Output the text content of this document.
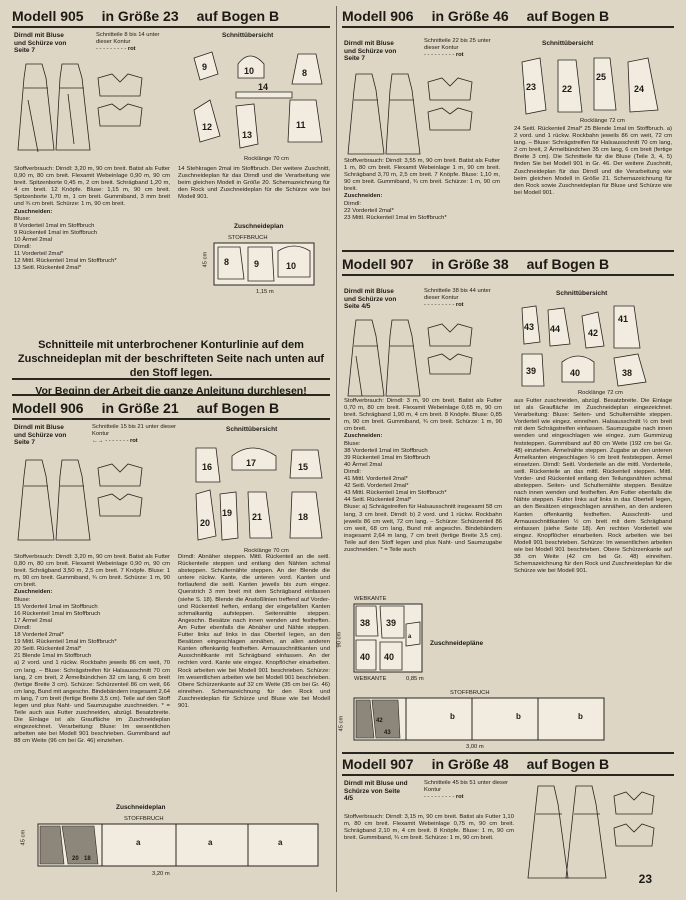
Modell 905 in Größe 23 auf Bogen B
Dirndl mit Bluse und Schürze von Seite 7
Schnitteile 8 bis 14 unter dieser Kontur
- - - - - - - - - rot
Schnittübersicht
9	10	8
14
12
13
11
Rocklänge 70 cm
Stoffverbrauch: Dirndl: 3,20 m, 90 cm breit. Batist als Futter 0,90 m, 80 cm breit. Flexamit Webeinlage 0,90 m, 90 cm breit. Spitzenborte 0,45 m, 2 cm breit. Schrägband 1,20 m, 4 cm breit. 12 Knöpfe. Bluse: 1,15 m, 90 cm breit. Spitzenborte 1,70 m, 1 cm breit. Gummiband, 3 mm breit und ¾ cm breit. Schürze: 1 m, 90 cm breit.
Zuschneiden:
Bluse:
8 Vorderteil 1mal im Stoffbruch
9 Rückenteil 1mal im Stoffbruch
10 Ärmel 2mal
Dirndl:
11 Vorderteil 2mal*
12 Mittl. Rückenteil 1mal im Stoffbruch*
13 Seitl. Rückenteil 2mal*
14 Stehkragen 2mal im Stoffbruch. Der weitere Zuschnitt, Zuschneideplan für das Dirndl und die Verarbeitung wie beim gleichen Modell in Größe 20. Schemazeichnung für den Rock und Zuschneideplan für die Schürze wie bei Modell 901.
Zuschneideplan
STOFFBRUCH
45 cm 8	9	10
1,15 m
Schnitteile mit unterbrochener Konturlinie auf dem Zuschneideplan mit der beschrifteten Seite nach unten auf den Stoff legen.
Vor Beginn der Arbeit die ganze Anleitung durchlesen!
Modell 906 in Größe 21 auf Bogen B
Dirndl mit Bluse und Schürze von Seite 7
Schnitteile 15 bis 21 unter dieser Kontur
←→ - - - - - - - rot
Schnittübersicht
16	17	15
20
19 21	18
Rocklänge 70 cm
Stoffverbrauch: Dirndl: 3,20 m, 90 cm breit. Batist als Futter 0,80 m, 80 cm breit. Flexamit Webeinlage 0,90 m, 90 cm breit. Schrägband 3,50 m, 2,5 cm breit. 7 Knöpfe. Bluse: 1 m, 90 cm breit. Gummiband, ¾ cm breit. Schürze: 1 m, 90 cm breit.
Zuschneiden:
Bluse:
15 Vorderteil 1mal im Stoffbruch
16 Rückenteil 1mal im Stoffbruch
17 Ärmel 2mal
Dirndl:
18 Vorderteil 2mal*
19 Mittl. Rückenteil 1mal im Stoffbruch*
20 Seitl. Rückenteil 2mal*
21 Blende 1mal im Stoffbruch
a) 2 vord. und 1 rückw. Rockbahn jeweils 86 cm weit, 70 cm lang. – Bluse: Schrägstreifen für Halsausschnitt 70 cm lang, 2 cm breit, 2 Ärmelbündchen 32 cm lang, 6 cm breit (fertige Breite 3 cm). Schürze: Schürzenteil 86 cm weit, 66 cm lang, Bund mit angeschn. Bindebändern insgesamt 2,64 m lang, 7 cm breit (fertige Breite 3,5 cm). Teile auf den Stoff legen und plus Naht- und Saumzugabe zuschneiden. * = Teile auch aus Futter zuschneiden, abzügl. Besatzbreite. Die Einlage ist als Graufläche im Zuschneideplan eingezeichnet. Verarbeitung: Bluse: Im wesentlichen arbeiten wie bei Modell 901 beschrieben. Gummiband auf 88 cm Weite (96 cm bei Gr. 46) einziehen.
Dirndl: Abnäher steppen. Mittl. Rückenteil an die seitl. Rückenteile steppen und entlang den Nähten schmal absteppen. Schulternähte steppen. An der Blende die untere rückw. Kante, die unteren vord. Kanten und fortlaufend die seitl. Kanten jeweils bis zum eingez. Querstrich 3 mm breit mit dem Schrägband einfassen (siehe S. 18). Blende die Anstoßlinien treffend auf Vorder- und Rückenteil heften, entlang der eingefaßten Kanten schmalkantig aufsteppen. Seitennähte steppen. Angeschn. Besätze nach innen wenden und festheften. Am Futter ebenfalls die Abnäher und Nähte steppen. Futter links auf links in das Oberteil legen, an den Besätzen eingeschlagen annähen, an allen anderen Kanten offenkantig festheften. Armausschnittkanten und Ausschnittkante mit Schrägband einfassen. An der rechten vord. Kante wie eingez. Knopflöcher einarbeiten. Rock arbeiten wie bei Modell 901 beschrieben. Schürze: Im wesentlichen arbeiten wie bei Modell 901 beschrieben. Obere Schürzenkante auf 32 cm Weite (35 cm bei Gr. 46) einreihen. Schemazeichnung für den Rock und Zuschneideplan für Schürze und Bluse wie bei Modell 901.
Zuschneideplan
STOFFBRUCH
45 cm
20 18
a	a	a
3,20 m
Modell 906 in Größe 46 auf Bogen B
Dirndl mit Bluse und Schürze von Seite 7
Schnitteile 22 bis 25 unter dieser Kontur
- - - - - - - - - rot
Schnittübersicht
23	22
25
24
Rocklänge 72 cm
Stoffverbrauch: Dirndl: 3,55 m, 90 cm breit. Batist als Futter 1 m, 80 cm breit. Flexamit Webeinlage 1 m, 90 cm breit. Schrägband 3,70 m, 2,5 cm breit. 7 Knöpfe. Bluse: 1,10 m, 90 cm breit. Gummiband, ¾ cm breit. Schürze: 1 m, 90 cm breit.
Zuschneiden:
Dirndl:
22 Vorderteil 2mal*
23 Mittl. Rückenteil 1mal im Stoffbruch*
24 Seitl. Rückenteil 2mal* 25 Blende 1mal im Stoffbruch. a) 2 vord. und 1 rückw. Rockbahn jeweils 86 cm weit, 72 cm lang. – Bluse: Schrägstreifen für Halsausschnitt 70 cm lang, 2 cm breit, 2 Ärmelbündchen 35 cm lang, 6 cm breit (fertige Breite 3 cm). Die Schnitteile für die Bluse (Teile 3, 4, 5) finden Sie bei Modell 901 in Gr. 46. Der weitere Zuschnitt, Zuschneideplan für das Dirndl und die Verarbeitung wie beim gleichen Modell in Größe 21. Schemazeichnung für den Rock sowie Zuschneideplan für Bluse und Schürze wie bei Modell 901.
Modell 907 in Größe 38 auf Bogen B
Dirndl mit Bluse und Schürze von Seite 4/5
Schnitteile 38 bis 44 unter dieser Kontur
- - - - - - - - - rot
Schnittübersicht
43 44	42
41
39	40	38
Rocklänge 72 cm
Stoffverbrauch: Dirndl: 3 m, 90 cm breit. Batist als Futter 0,70 m, 80 cm breit. Flexamit Webeinlage 0,65 m, 90 cm breit. Schrägband 1,90 m, 4 cm breit. 8 Knöpfe. Bluse: 0,85 m, 90 cm breit. Gummiband, ¾ cm breit. Schürze: 1 m, 90 cm breit.
Zuschneiden:
Bluse:
38 Vorderteil 1mal im Stoffbruch
39 Rückenteil 1mal im Stoffbruch
40 Ärmel 2mal
Dirndl:
41 Mittl. Vorderteil 2mal*
42 Seitl. Vorderteil 2mal*
43 Mittl. Rückenteil 1mal im Stoffbruch*
44 Seitl. Rückenteil 2mal*
Bluse: a) Schrägstreifen für Halsausschnitt insgesamt 58 cm lang, 3 cm breit. Dirndl: b) 2 vord. und 1 rückw. Rockbahn jeweils 86 cm weit, 72 cm lang. – Schürze: Schürzenteil 86 cm weit, 68 cm lang, Bund mit angeschn. Bindebändern insgesamt 2,64 m lang, 7 cm breit (fertige Breite 3,5 cm). Teile auf den Stoff legen und plus Naht- und Saumzugabe zuschneiden. * = Teile auch
aus Futter zuschneiden, abzügl. Besatzbreite. Die Einlage ist als Graufläche im Zuschneideplan eingezeichnet. Verarbeitung: Bluse: Seiten- und Schulternähte steppen. Vorderteil wie eingez. einreihen. Halsausschnitt ½ cm breit mit dem Schrägstreifen einfassen. Saumzugabe nach innen wenden und eingeschlagen wie eingez. zum Gummizug feststeppen. Gummiband auf 80 cm Weite (192 cm bei Gr. 48) einziehen. Ärmelnähte steppen. Zugabe an den unteren Ärmelkanten eingeschlagen ½ cm breit feststeppen. Ärmel einsetzen. Dirndl: Seitl. Vorderteile an die mittl. Vorderteile, seitl. Rückenteile an das mittl. Rückenteil steppen. Mittl. Vorder- und Rückenteil entlang den Teilungsnähten schmal absteppen. Seiten- und Schulternähte steppen. Besätze nach innen wenden und festheften. Am Futter ebenfalls die Nähte steppen. Futter links auf links in das Oberteil legen, an den Besätzen eingeschlagen annähen, an den anderen Kanten offenkantig festheften. Ausschnitt- und Armausschnittkanten ½ cm breit mit dem Schrägband einfassen (siehe Seite 18). Am rechten Vorderteil wie eingez. Knopflöcher einarbeiten. Rock arbeiten wie bei Modell 901 beschrieben. Schürze: Im wesentlichen arbeiten wie bei Modell 901 beschrieben. Obere Schürzenkante auf 38 cm Weite (42 cm bei Gr. 48) einreihen. Schemazeichnung für den Rock und Zuschneideplan für die Schürze wie bei Modell 901.
WEBKANTE
90 cm
38 39
40 40
a
WEBKANTE	0,85 m
Zuschneidepläne
STOFFBRUCH
45 cm	42
43
b	b	b
3,00 m
Modell 907 in Größe 48 auf Bogen B
Dirndl mit Bluse und Schürze von Seite 4/5
Schnitteile 45 bis 51 unter dieser Kontur
- - - - - - - - - rot
Stoffverbrauch: Dirndl: 3,15 m, 90 cm breit. Batist als Futter 1,10 m, 80 cm breit. Flexamit Webeinlage 0,75 m, 90 cm breit. Schrägband 2,10 m, 4 cm breit. 8 Knöpfe. Bluse: 1 m, 90 cm breit. Gummiband, ¾ cm breit. Schürze: 1 m, 90 cm breit.
23
